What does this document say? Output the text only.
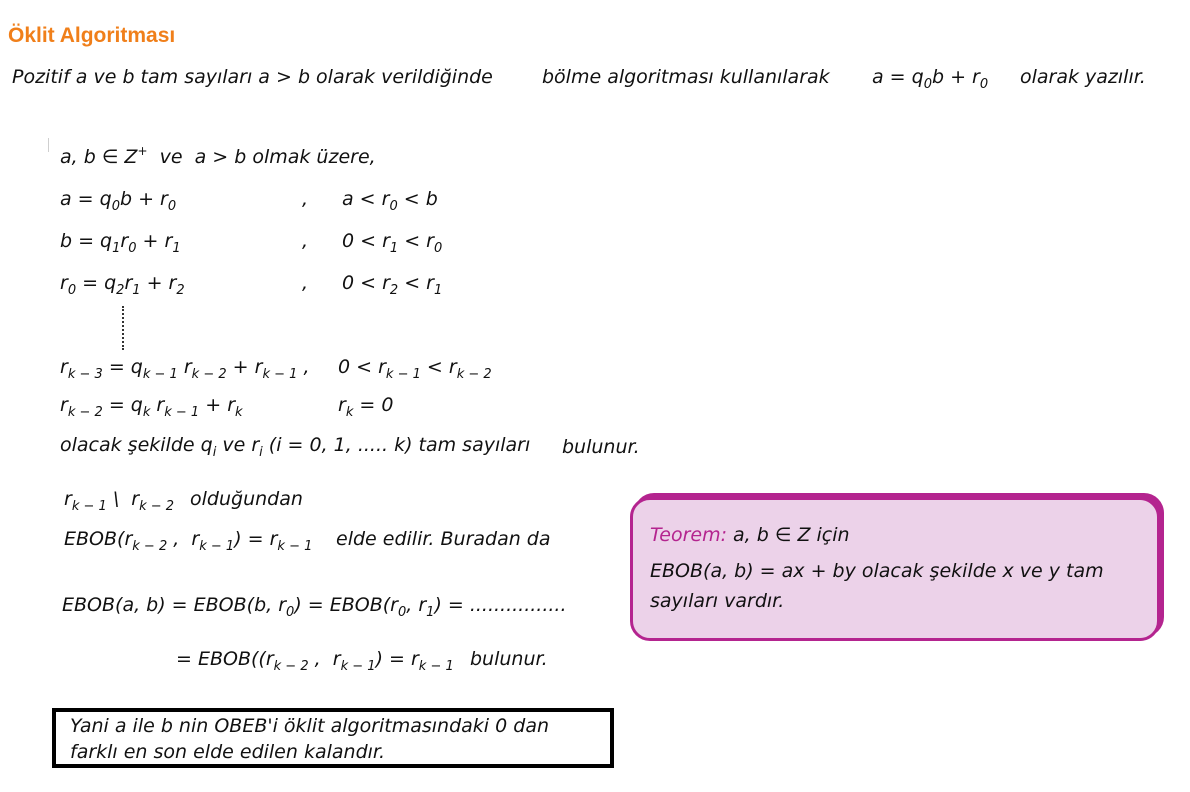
Öklit Algoritması
Pozitif a ve b tam sayıları a > b olarak verildiğinde	bölme algoritması kullanılarak $a = q_0b + r_0$ olarak yazılır.
a, b ∈ Z+  ve  a > b olmak üzere,
$a = q_0b + r_0$	, $a < r_0 < b$
$b = q_1r_0 + r_1$	, $0 < r_1 < r_0$
$r_0 = q_2r_1 + r_2$	, $0 < r_2 < r_1$
$r_{k - 3} = q_{k - 1}$ $r_{k - 2} + r_{k - 1}$ , $0 < r_{k - 1} < r_{k - 2}$
$r_{k - 2} = q_k$ $r_{k - 1} + r_k$	$r_k = 0$
olacak şekilde $q_i$ ve $r_i$ (i = 0, 1, ..... k) tam sayıları bulunur.
$r_{k - 1}$ \  $r_{k - 2}$ olduğundan
$EBOB(r_{k - 2}$ ,  $r_{k - 1}) = r_{k - 1}$ elde edilir. Buradan da
EBOB(a, b) = EBOB(b, $r_0$) = $EBOB(r_0$, $r_1$) = ................
= $EBOB((r_{k - 2}$ ,  $r_{k - 1}) = r_{k - 1}$ bulunur.
Teorem: a, b ∈ Z için
EBOB(a, b) = ax + by olacak şekilde x ve y tam
sayıları vardır.
Yani a ile b nin OBEB'i öklit algoritmasındaki 0 dan
farklı en son elde edilen kalandır.
